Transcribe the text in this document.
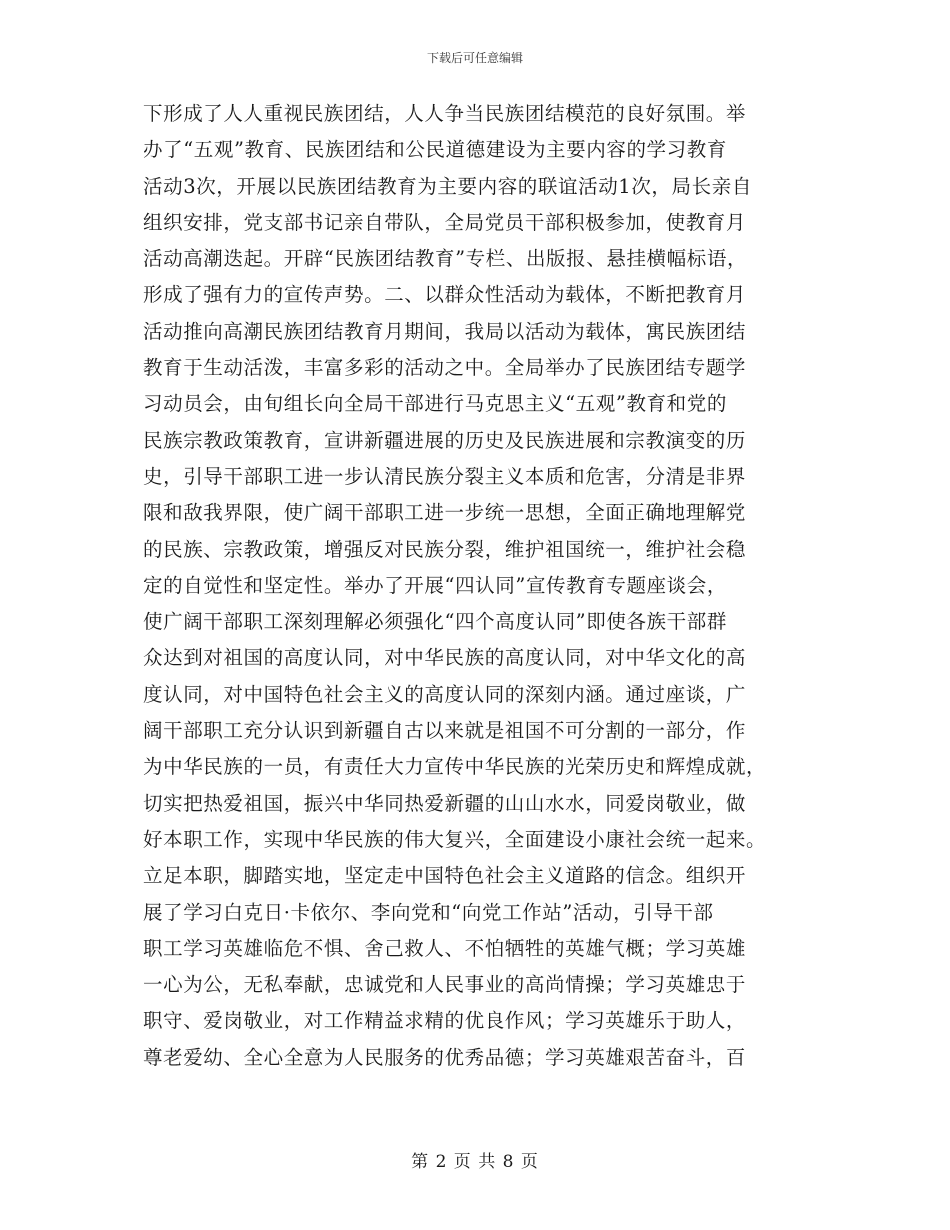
下载后可任意编辑
下形成了人人重视民族团结，人人争当民族团结模范的良好氛围。举
办了“五观”教育、民族团结和公民道德建设为主要内容的学习教育
活动3次，开展以民族团结教育为主要内容的联谊活动1次，局长亲自
组织安排，党支部书记亲自带队，全局党员干部积极参加，使教育月
活动高潮迭起。开辟“民族团结教育”专栏、出版报、悬挂横幅标语，
形成了强有力的宣传声势。二、以群众性活动为载体，不断把教育月
活动推向高潮民族团结教育月期间，我局以活动为载体，寓民族团结
教育于生动活泼，丰富多彩的活动之中。全局举办了民族团结专题学
习动员会，由旬组长向全局干部进行马克思主义“五观”教育和党的
民族宗教政策教育，宣讲新疆进展的历史及民族进展和宗教演变的历
史，引导干部职工进一步认清民族分裂主义本质和危害，分清是非界
限和敌我界限，使广阔干部职工进一步统一思想，全面正确地理解党
的民族、宗教政策，增强反对民族分裂，维护祖国统一，维护社会稳
定的自觉性和坚定性。举办了开展“四认同”宣传教育专题座谈会，
使广阔干部职工深刻理解必须强化“四个高度认同”即使各族干部群
众达到对祖国的高度认同，对中华民族的高度认同，对中华文化的高
度认同，对中国特色社会主义的高度认同的深刻内涵。通过座谈，广
阔干部职工充分认识到新疆自古以来就是祖国不可分割的一部分，作
为中华民族的一员，有责任大力宣传中华民族的光荣历史和辉煌成就，
切实把热爱祖国，振兴中华同热爱新疆的山山水水，同爱岗敬业，做
好本职工作，实现中华民族的伟大复兴，全面建设小康社会统一起来。
立足本职，脚踏实地，坚定走中国特色社会主义道路的信念。组织开
展了学习白克日·卡依尔、李向党和“向党工作站”活动，引导干部
职工学习英雄临危不惧、舍己救人、不怕牺牲的英雄气概；学习英雄
一心为公，无私奉献，忠诚党和人民事业的高尚情操；学习英雄忠于
职守、爱岗敬业，对工作精益求精的优良作风；学习英雄乐于助人，
尊老爱幼、全心全意为人民服务的优秀品德；学习英雄艰苦奋斗，百
第 2 页 共 8 页
